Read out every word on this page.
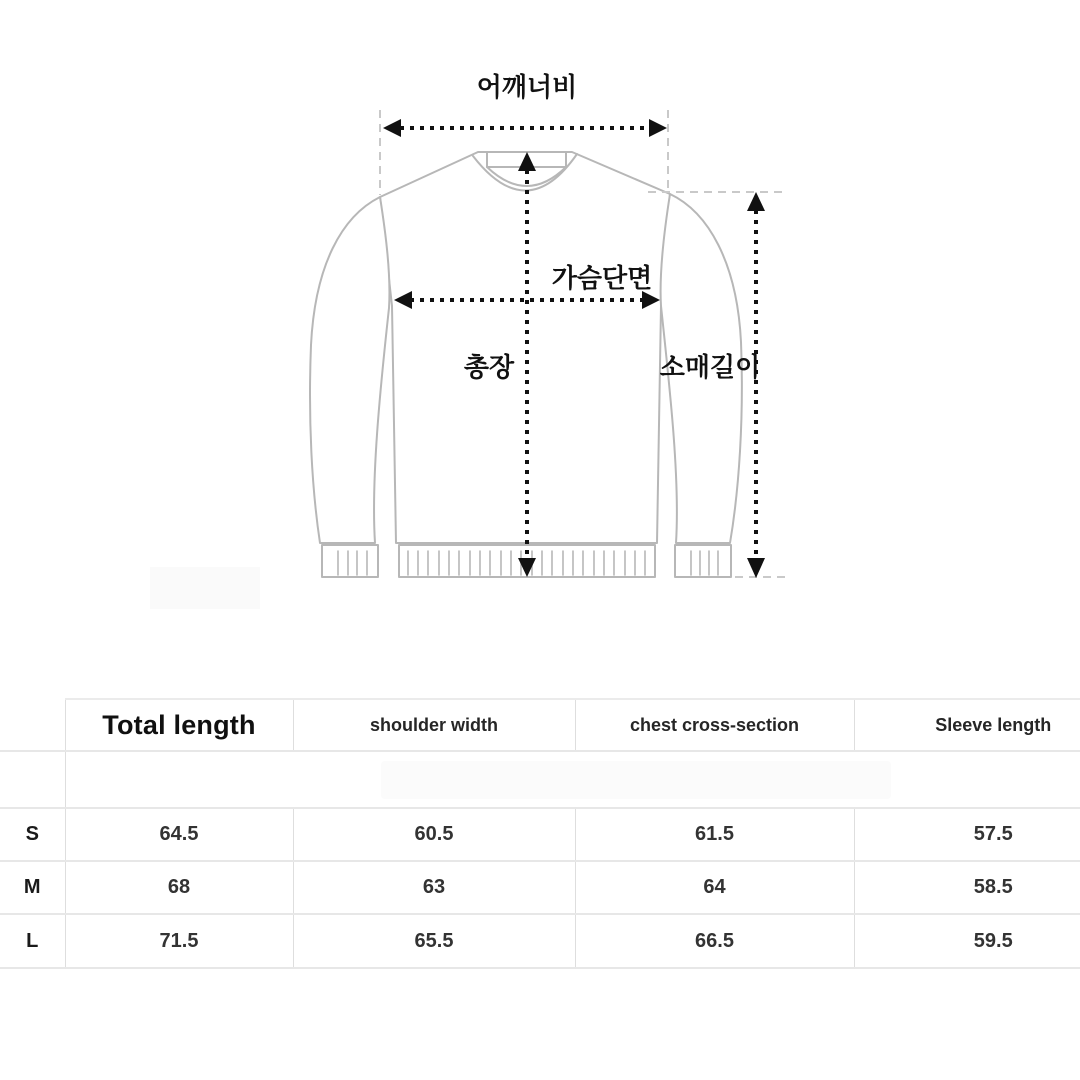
어깨너비
가슴단면
총장	소매길이
	Total length	shoulder width	chest cross-section	Sleeve length

S	64.5	60.5	61.5	57.5
M	68	63	64	58.5
L	71.5	65.5	66.5	59.5
